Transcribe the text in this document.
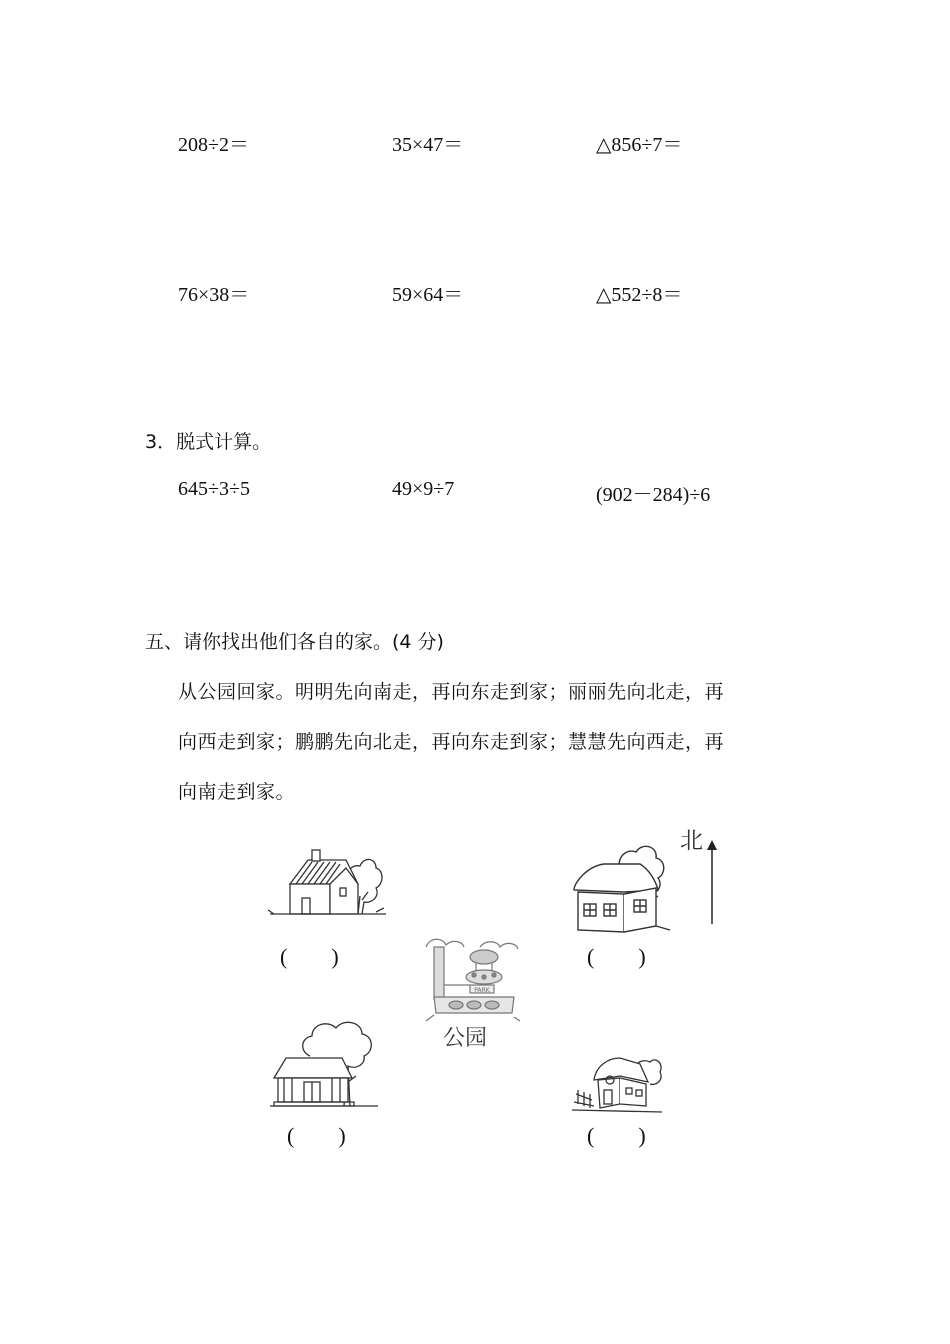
208÷2＝	35×47＝	△856÷7＝
76×38＝	59×64＝	△552÷8＝
3．脱式计算。
645÷3÷5	49×9÷7	(902－284)÷6
五、请你找出他们各自的家。(4 分)
从公园回家。明明先向南走，再向东走到家；丽丽先向北走，再
向西走到家；鹏鹏先向北走，再向东走到家；慧慧先向西走，再
向南走到家。
(　　)	(　　)
北
PARK
公园
(　　)	(　　)
